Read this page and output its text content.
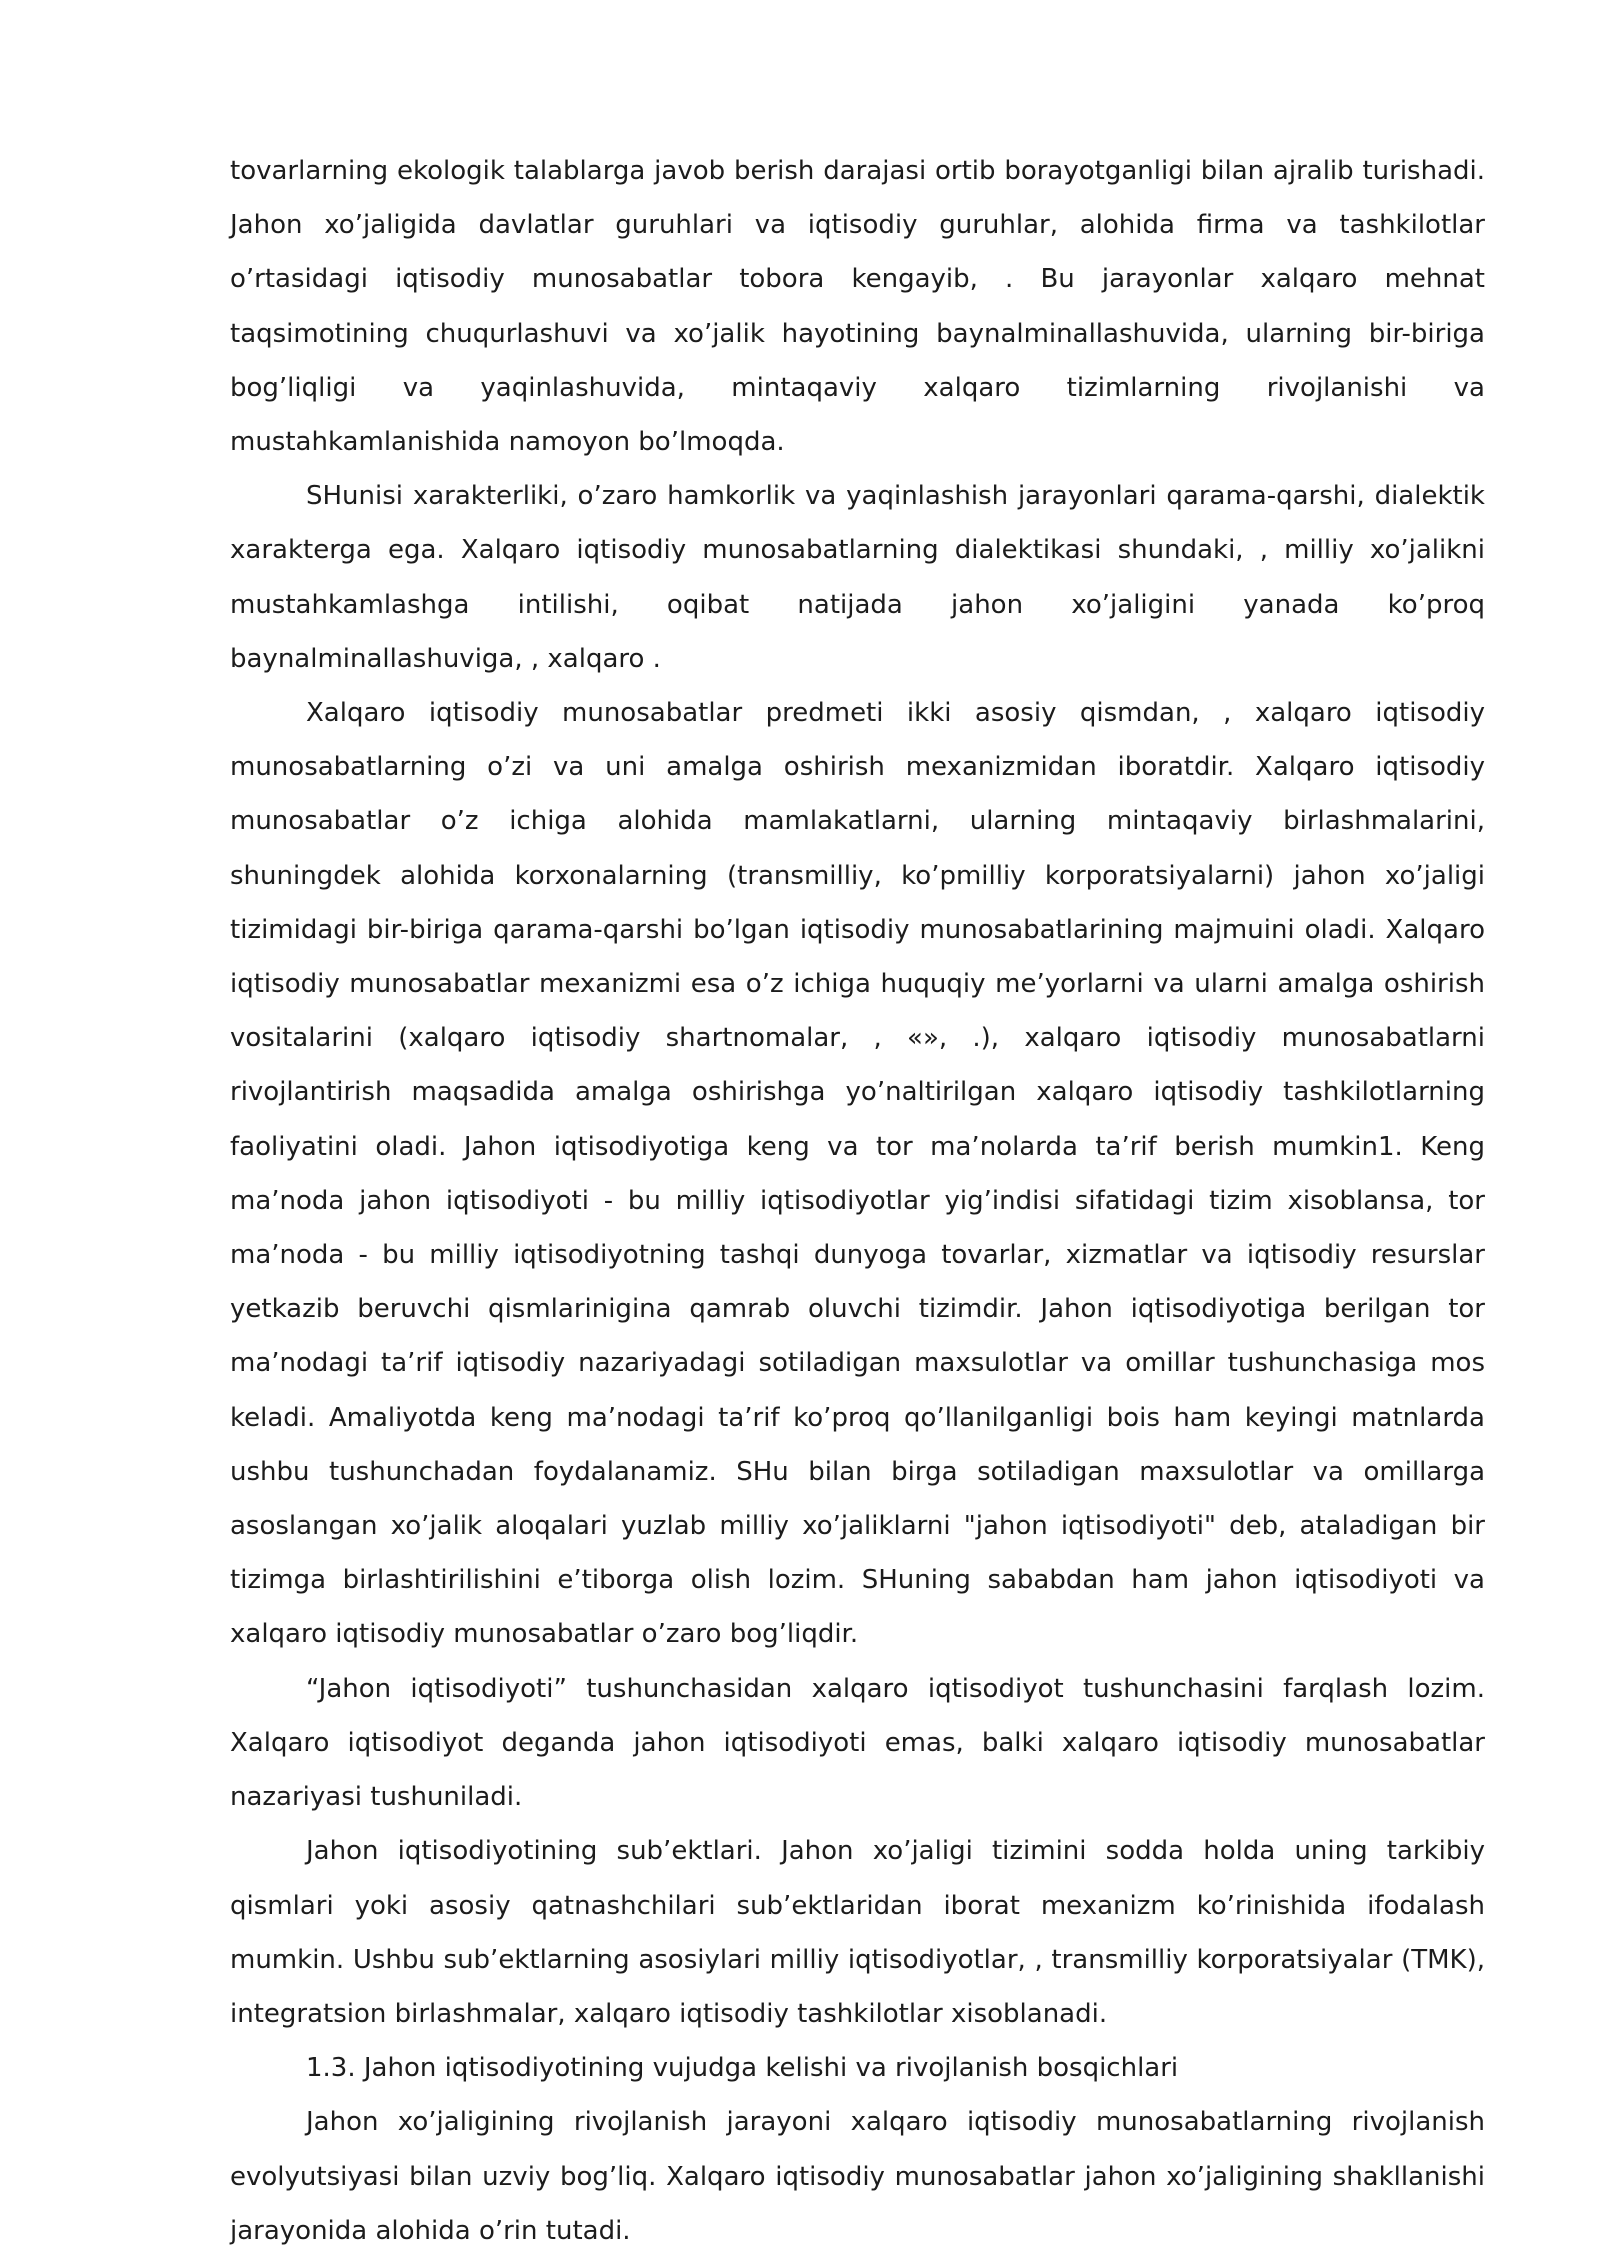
tovarlarning ekologik talablarga javob berish darajasi ortib borayotganligi bilan ajralib turishadi. Jahon xo’jaligida davlatlar guruhlari va iqtisodiy guruhlar, alohida firma va tashkilotlar o’rtasidagi iqtisodiy munosabatlar tobora kengayib, . Bu jarayonlar xalqaro mehnat taqsimotining chuqurlashuvi va xo’jalik hayotining baynalminallashuvida, ularning bir-biriga bog’liqligi va yaqinlashuvida, mintaqaviy xalqaro tizimlarning rivojlanishi va mustahkamlanishida namoyon bo’lmoqda.

SHunisi xarakterliki, o’zaro hamkorlik va yaqinlashish jarayonlari qarama-qarshi, dialektik xarakterga ega. Xalqaro iqtisodiy munosabatlarning dialektikasi shundaki, , milliy xo’jalikni mustahkamlashga intilishi, oqibat natijada jahon xo’jaligini yanada ko’proq baynalminallashuviga, , xalqaro .

Xalqaro iqtisodiy munosabatlar predmeti ikki asosiy qismdan, , xalqaro iqtisodiy munosabatlarning o’zi va uni amalga oshirish mexanizmidan iboratdir. Xalqaro iqtisodiy munosabatlar o’z ichiga alohida mamlakatlarni, ularning mintaqaviy birlashmalarini, shuningdek alohida korxonalarning (transmilliy, ko’pmilliy korporatsiyalarni) jahon xo’jaligi tizimidagi bir-biriga qarama-qarshi bo’lgan iqtisodiy munosabatlarining majmuini oladi. Xalqaro iqtisodiy munosabatlar mexanizmi esa o’z ichiga huquqiy me’yorlarni va ularni amalga oshirish vositalarini (xalqaro iqtisodiy shartnomalar, , «», .), xalqaro iqtisodiy munosabatlarni rivojlantirish maqsadida amalga oshirishga yo’naltirilgan xalqaro iqtisodiy tashkilotlarning faoliyatini oladi. Jahon iqtisodiyotiga keng va tor ma’nolarda ta’rif berish mumkin1. Keng ma’noda jahon iqtisodiyoti - bu milliy iqtisodiyotlar yig’indisi sifatidagi tizim xisoblansa, tor ma’noda - bu milliy iqtisodiyotning tashqi dunyoga tovarlar, xizmatlar va iqtisodiy resurslar yetkazib beruvchi qismlarinigina qamrab oluvchi tizimdir. Jahon iqtisodiyotiga berilgan tor ma’nodagi ta’rif iqtisodiy nazariyadagi sotiladigan maxsulotlar va omillar tushunchasiga mos keladi. Amaliyotda keng ma’nodagi ta’rif ko’proq qo’llanilganligi bois ham keyingi matnlarda ushbu tushunchadan foydalanamiz. SHu bilan birga sotiladigan maxsulotlar va omillarga asoslangan xo’jalik aloqalari yuzlab milliy xo’jaliklarni "jahon iqtisodiyoti" deb, ataladigan bir tizimga birlashtirilishini e’tiborga olish lozim. SHuning sababdan ham jahon iqtisodiyoti va xalqaro iqtisodiy munosabatlar o’zaro bog’liqdir.

“Jahon iqtisodiyoti” tushunchasidan xalqaro iqtisodiyot tushunchasini farqlash lozim. Xalqaro iqtisodiyot deganda jahon iqtisodiyoti emas, balki xalqaro iqtisodiy munosabatlar nazariyasi tushuniladi.

Jahon iqtisodiyotining sub’ektlari. Jahon xo’jaligi tizimini sodda holda uning tarkibiy qismlari yoki asosiy qatnashchilari sub’ektlaridan iborat mexanizm ko’rinishida ifodalash mumkin. Ushbu sub’ektlarning asosiylari milliy iqtisodiyotlar, , transmilliy korporatsiyalar (TMK), integratsion birlashmalar, xalqaro iqtisodiy tashkilotlar xisoblanadi.

1.3. Jahon iqtisodiyotining vujudga kelishi va rivojlanish bosqichlari

Jahon xo’jaligining rivojlanish jarayoni xalqaro iqtisodiy munosabatlarning rivojlanish evolyutsiyasi bilan uzviy bog’liq. Xalqaro iqtisodiy munosabatlar jahon xo’jaligining shakllanishi jarayonida alohida o’rin tutadi.
